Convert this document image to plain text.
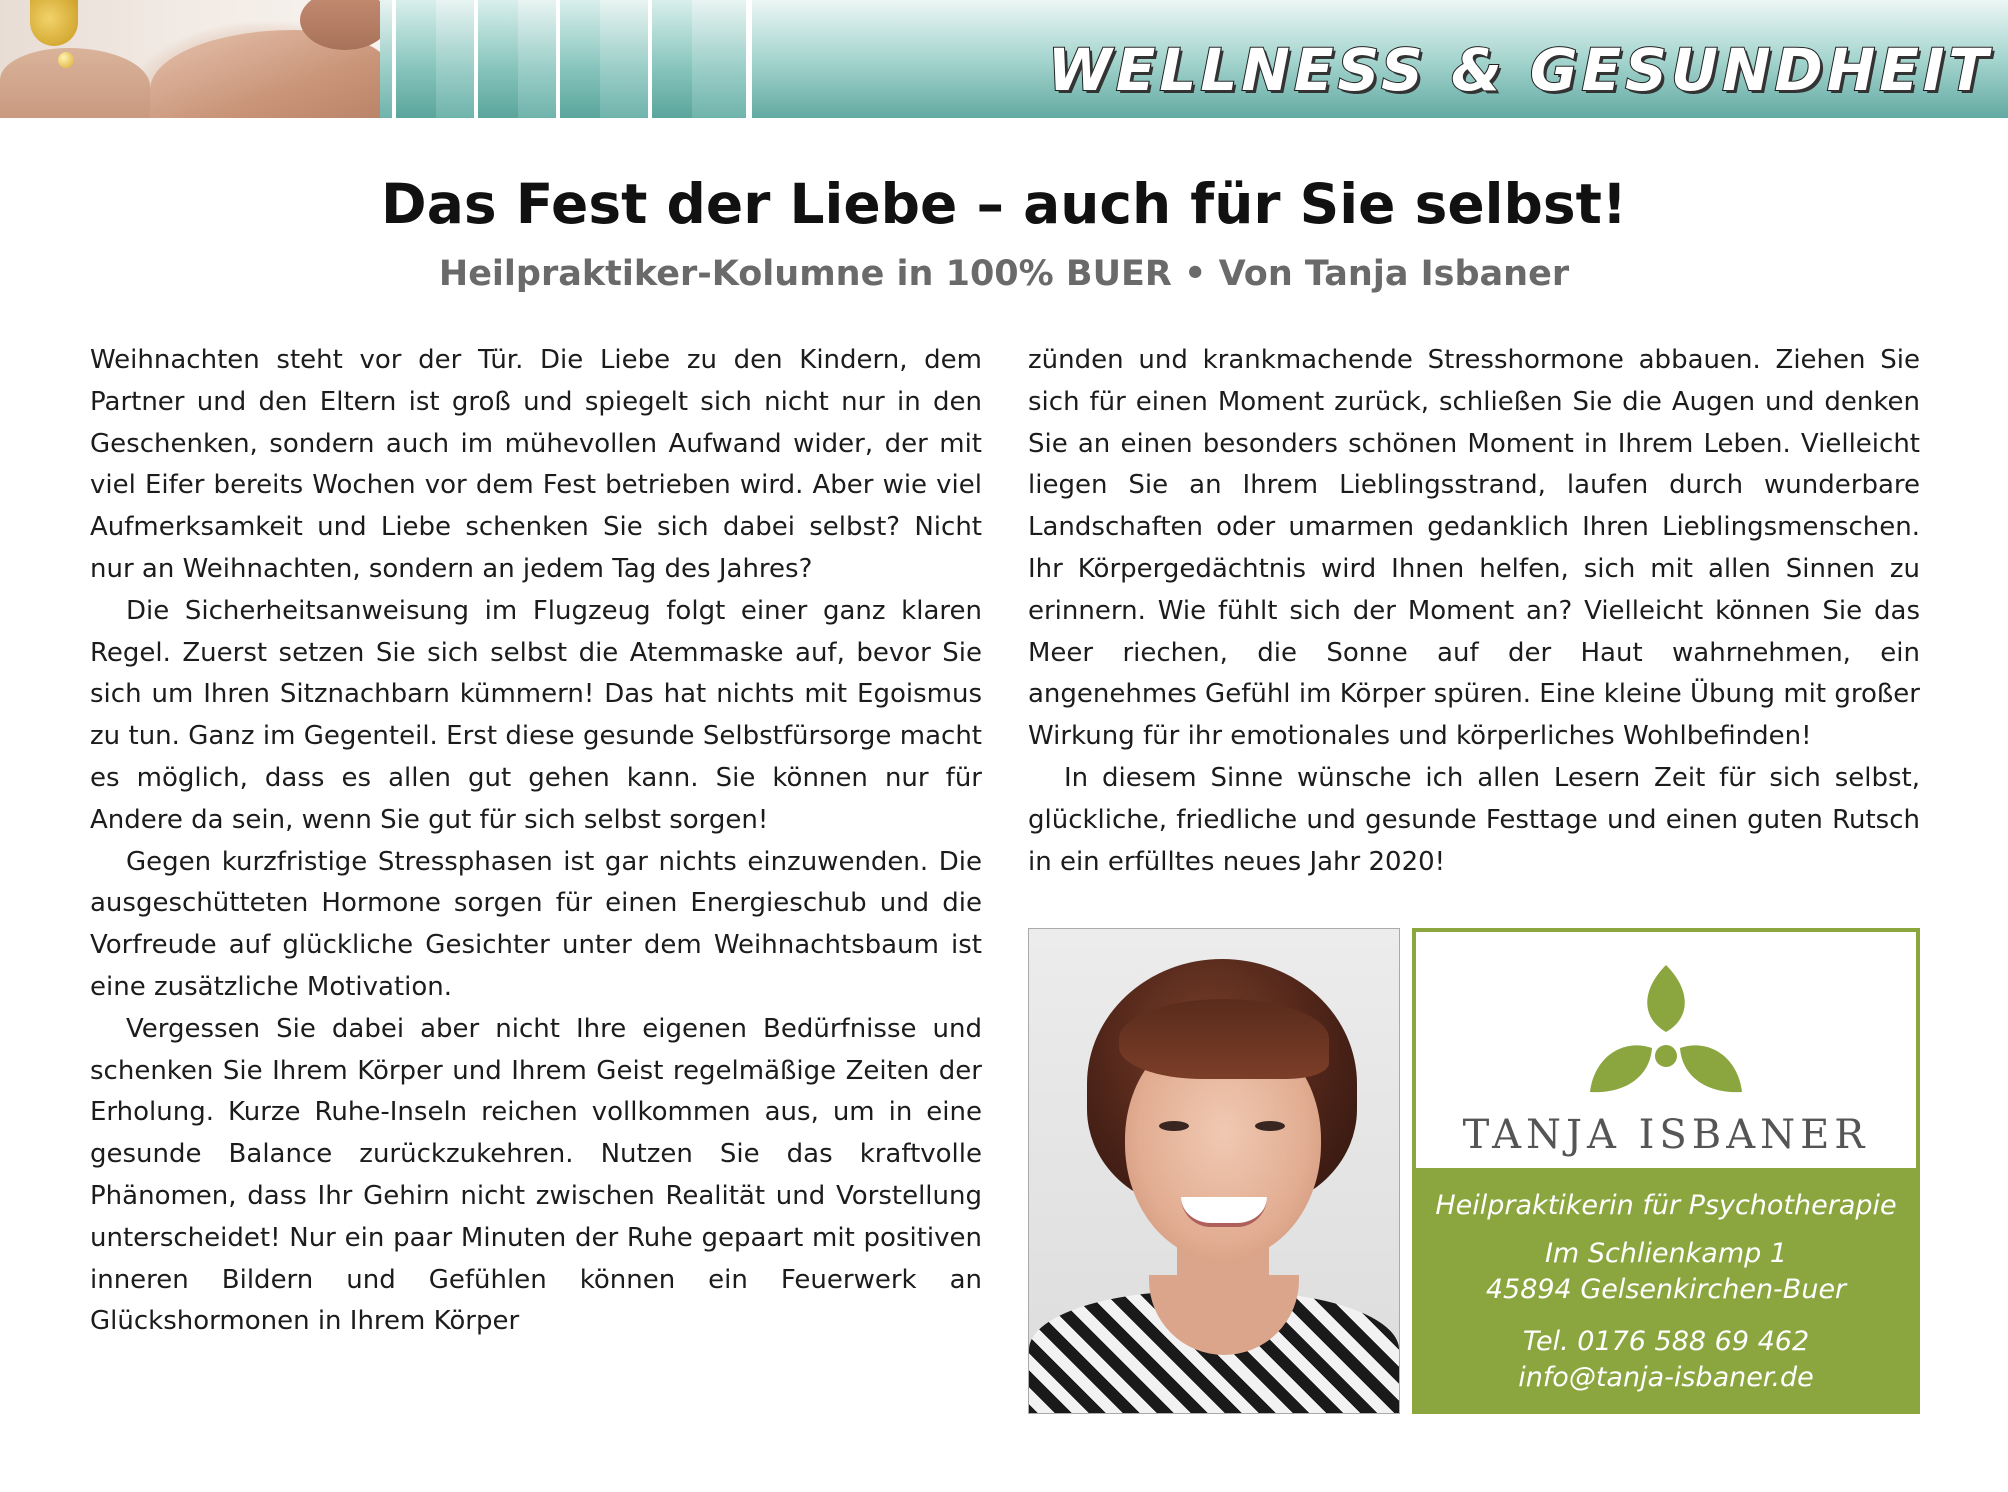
WELLNESS & GESUNDHEIT
Das Fest der Liebe – auch für Sie selbst!
Heilpraktiker-Kolumne in 100% BUER • Von Tanja Isbaner

Weihnachten steht vor der Tür. Die Liebe zu den Kindern, dem Partner und den Eltern ist groß und spiegelt sich nicht nur in den Geschenken, sondern auch im mühevollen Aufwand wider, der mit viel Eifer bereits Wochen vor dem Fest betrieben wird. Aber wie viel Aufmerksamkeit und Liebe schenken Sie sich dabei selbst? Nicht nur an Weihnachten, sondern an jedem Tag des Jahres?

Die Sicherheitsanweisung im Flugzeug folgt einer ganz klaren Regel. Zuerst setzen Sie sich selbst die Atemmaske auf, bevor Sie sich um Ihren Sitznachbarn kümmern! Das hat nichts mit Egoismus zu tun. Ganz im Gegenteil. Erst diese gesunde Selbstfürsorge macht es möglich, dass es allen gut gehen kann. Sie können nur für Andere da sein, wenn Sie gut für sich selbst sorgen!

Gegen kurzfristige Stressphasen ist gar nichts einzuwenden. Die ausgeschütteten Hormone sorgen für einen Energieschub und die Vorfreude auf glückliche Gesichter unter dem Weihnachtsbaum ist eine zusätzliche Motivation.

Vergessen Sie dabei aber nicht Ihre eigenen Bedürfnisse und schenken Sie Ihrem Körper und Ihrem Geist regelmäßige Zeiten der Erholung. Kurze Ruhe-Inseln reichen vollkommen aus, um in eine gesunde Balance zurückzukehren. Nutzen Sie das kraftvolle Phänomen, dass Ihr Gehirn nicht zwischen Realität und Vorstellung unterscheidet! Nur ein paar Minuten der Ruhe gepaart mit positiven inneren Bildern und Gefühlen können ein Feuerwerk an Glückshormonen in Ihrem Körper

zünden und krankmachende Stresshormone abbauen. Ziehen Sie sich für einen Moment zurück, schließen Sie die Augen und denken Sie an einen besonders schönen Moment in Ihrem Leben. Vielleicht liegen Sie an Ihrem Lieblingsstrand, laufen durch wunderbare Landschaften oder umarmen gedanklich Ihren Lieblingsmenschen. Ihr Körpergedächtnis wird Ihnen helfen, sich mit allen Sinnen zu erinnern. Wie fühlt sich der Moment an? Vielleicht können Sie das Meer riechen, die Sonne auf der Haut wahrnehmen, ein angenehmes Gefühl im Körper spüren. Eine kleine Übung mit großer Wirkung für ihr emotionales und körperliches Wohlbefinden!

In diesem Sinne wünsche ich allen Lesern Zeit für sich selbst, glückliche, friedliche und gesunde Festtage und einen guten Rutsch in ein erfülltes neues Jahr 2020!

TANJA ISBANER
Heilpraktikerin für Psychotherapie
Im Schlienkamp 1
45894 Gelsenkirchen-Buer
Tel. 0176 588 69 462
info@tanja-isbaner.de
